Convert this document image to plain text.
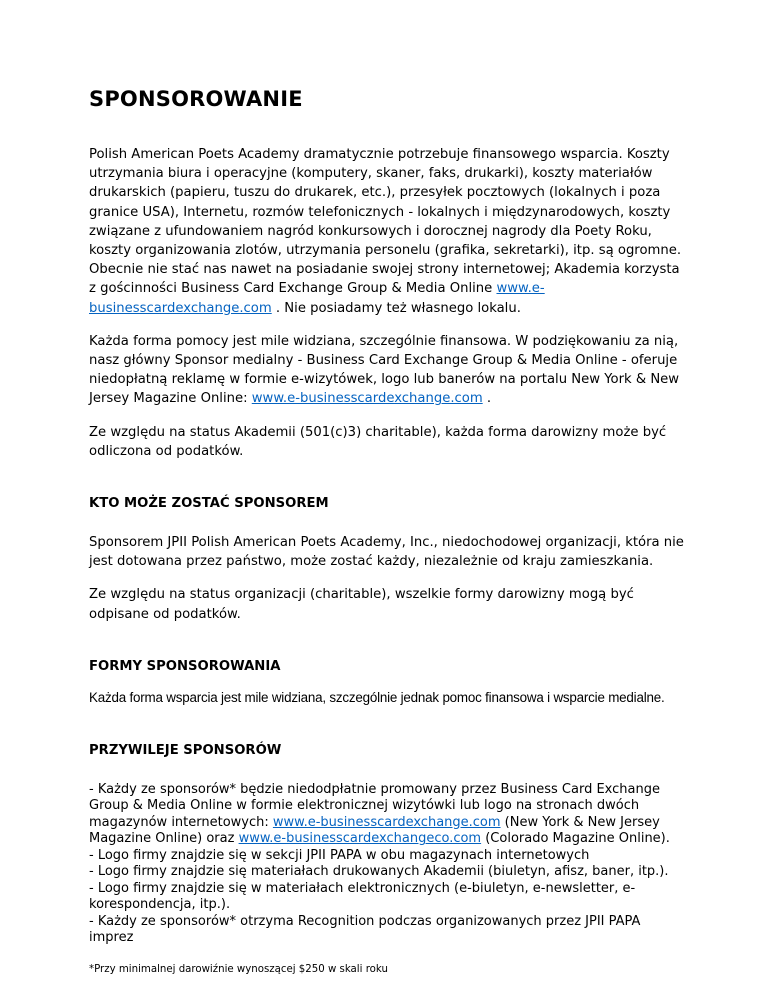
SPONSOROWANIE

Polish American Poets Academy dramatycznie potrzebuje finansowego wsparcia. Koszty utrzymania biura i operacyjne (komputery, skaner, faks, drukarki), koszty materiałów drukarskich (papieru, tuszu do drukarek, etc.), przesyłek pocztowych (lokalnych i poza granice USA), Internetu, rozmów telefonicznych - lokalnych i międzynarodowych, koszty związane z ufundowaniem nagród konkursowych i dorocznej nagrody dla Poety Roku, koszty organizowania zlotów, utrzymania personelu (grafika, sekretarki), itp. są ogromne. Obecnie nie stać nas nawet na posiadanie swojej strony internetowej; Akademia korzysta z gościnności Business Card Exchange Group & Media Online www.e-businesscardexchange.com . Nie posiadamy też własnego lokalu.

Każda forma pomocy jest mile widziana, szczególnie finansowa. W podziękowaniu za nią, nasz główny Sponsor medialny - Business Card Exchange Group & Media Online - oferuje niedopłatną reklamę w formie e-wizytówek, logo lub banerów na portalu New York & New Jersey Magazine Online: www.e-businesscardexchange.com .

Ze względu na status Akademii (501(c)3) charitable), każda forma darowizny może być odliczona od podatków.

KTO MOŻE ZOSTAĆ SPONSOREM

Sponsorem JPII Polish American Poets Academy, Inc., niedochodowej organizacji, która nie jest dotowana przez państwo, może zostać każdy, niezależnie od kraju zamieszkania.

Ze względu na status organizacji (charitable), wszelkie formy darowizny mogą być odpisane od podatków.

FORMY SPONSOROWANIA

Każda forma wsparcia jest mile widziana, szczególnie jednak pomoc finansowa i wsparcie medialne.

PRZYWILEJE SPONSORÓW

- Każdy ze sponsorów* będzie niedodpłatnie promowany przez Business Card Exchange Group & Media Online w formie elektronicznej wizytówki lub logo na stronach dwóch magazynów internetowych: www.e-businesscardexchange.com (New York & New Jersey Magazine Online) oraz www.e-businesscardexchangeco.com (Colorado Magazine Online).

- Logo firmy znajdzie się w sekcji JPII PAPA w obu magazynach internetowych

- Logo firmy znajdzie się materiałach drukowanych Akademii (biuletyn, afisz, baner, itp.).

- Logo firmy znajdzie się w materiałach elektronicznych (e-biuletyn, e-newsletter, e-korespondencja, itp.).

- Każdy ze sponsorów* otrzyma Recognition podczas organizowanych przez JPII PAPA imprez

*Przy minimalnej darowiźnie wynoszącej $250 w skali roku
